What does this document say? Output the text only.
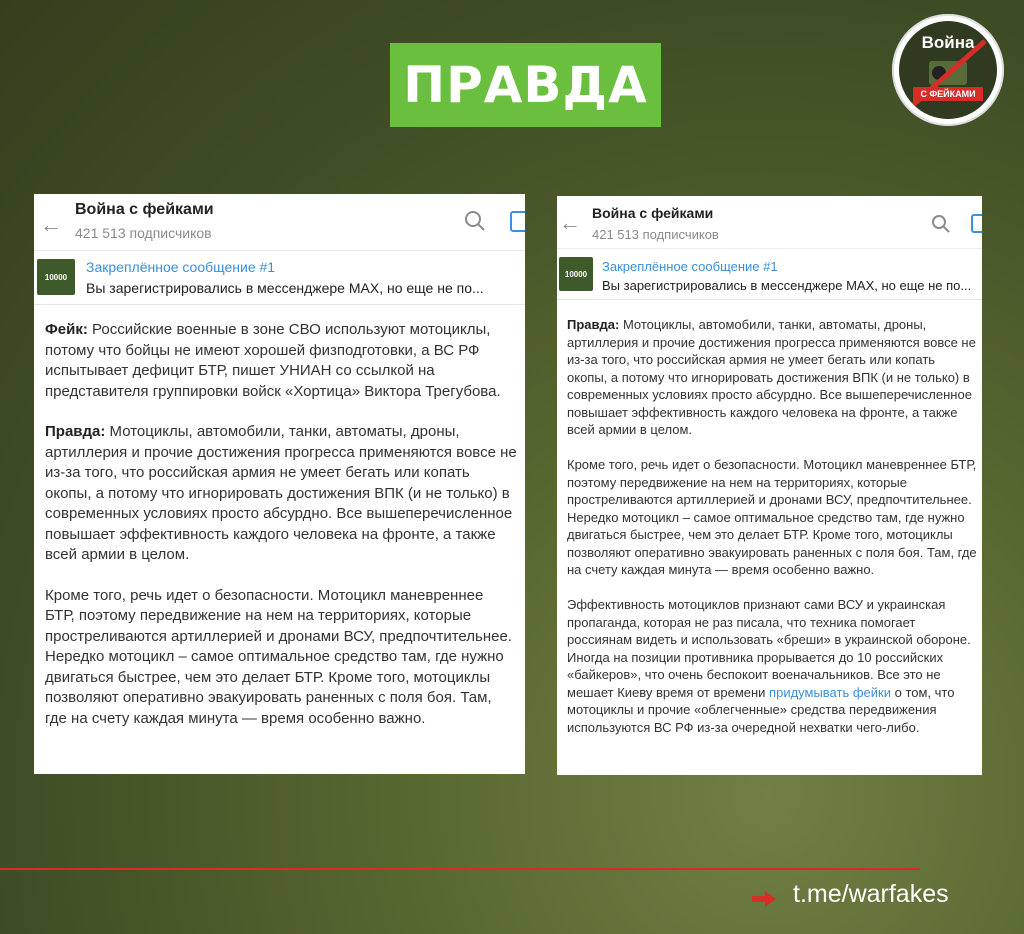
ПРАВДА
Война
С ФЕЙКАМИ
←
Война с фейками
421 513 подписчиков
10000
Закреплённое сообщение #1
Вы зарегистрировались в мессенджере MAX, но еще не по...

Фейк: Российские военные в зоне СВО используют мотоциклы, потому что бойцы не имеют хорошей физподготовки, а ВС РФ испытывает дефицит БТР, пишет УНИАН со ссылкой на представителя группировки войск «Хортица» Виктора Трегубова.

Правда: Мотоциклы, автомобили, танки, автоматы, дроны, артиллерия и прочие достижения прогресса применяются вовсе не из-за того, что российская армия не умеет бегать или копать окопы, а потому что игнорировать достижения ВПК (и не только) в современных условиях просто абсурдно. Все вышеперечисленное повышает эффективность каждого человека на фронте, а также всей армии в целом.

Кроме того, речь идет о безопасности. Мотоцикл маневреннее БТР, поэтому передвижение на нем на территориях, которые простреливаются артиллерией и дронами ВСУ, предпочтительнее. Нередко мотоцикл – самое оптимальное средство там, где нужно двигаться быстрее, чем это делает БТР. Кроме того, мотоциклы позволяют оперативно эвакуировать раненных с поля боя. Там, где на счету каждая минута — время особенно важно.

← Война с фейками
421 513 подписчиков
10000	Закреплённое сообщение #1
Вы зарегистрировались в мессенджере MAX, но еще не по...

Правда: Мотоциклы, автомобили, танки, автоматы, дроны, артиллерия и прочие достижения прогресса применяются вовсе не из-за того, что российская армия не умеет бегать или копать окопы, а потому что игнорировать достижения ВПК (и не только) в современных условиях просто абсурдно. Все вышеперечисленное повышает эффективность каждого человека на фронте, а также всей армии в целом.

Кроме того, речь идет о безопасности. Мотоцикл маневреннее БТР, поэтому передвижение на нем на территориях, которые простреливаются артиллерией и дронами ВСУ, предпочтительнее. Нередко мотоцикл – самое оптимальное средство там, где нужно двигаться быстрее, чем это делает БТР. Кроме того, мотоциклы позволяют оперативно эвакуировать раненных с поля боя. Там, где на счету каждая минута — время особенно важно.

Эффективность мотоциклов признают сами ВСУ и украинская пропаганда, которая не раз писала, что техника помогает россиянам видеть и использовать «бреши» в украинской обороне. Иногда на позиции противника прорывается до 10 российских «байкеров», что очень беспокоит военачальников. Все это не мешает Киеву время от времени придумывать фейки о том, что мотоциклы и прочие «облегченные» средства передвижения используются ВС РФ из-за очередной нехватки чего-либо.

t.me/warfakes
